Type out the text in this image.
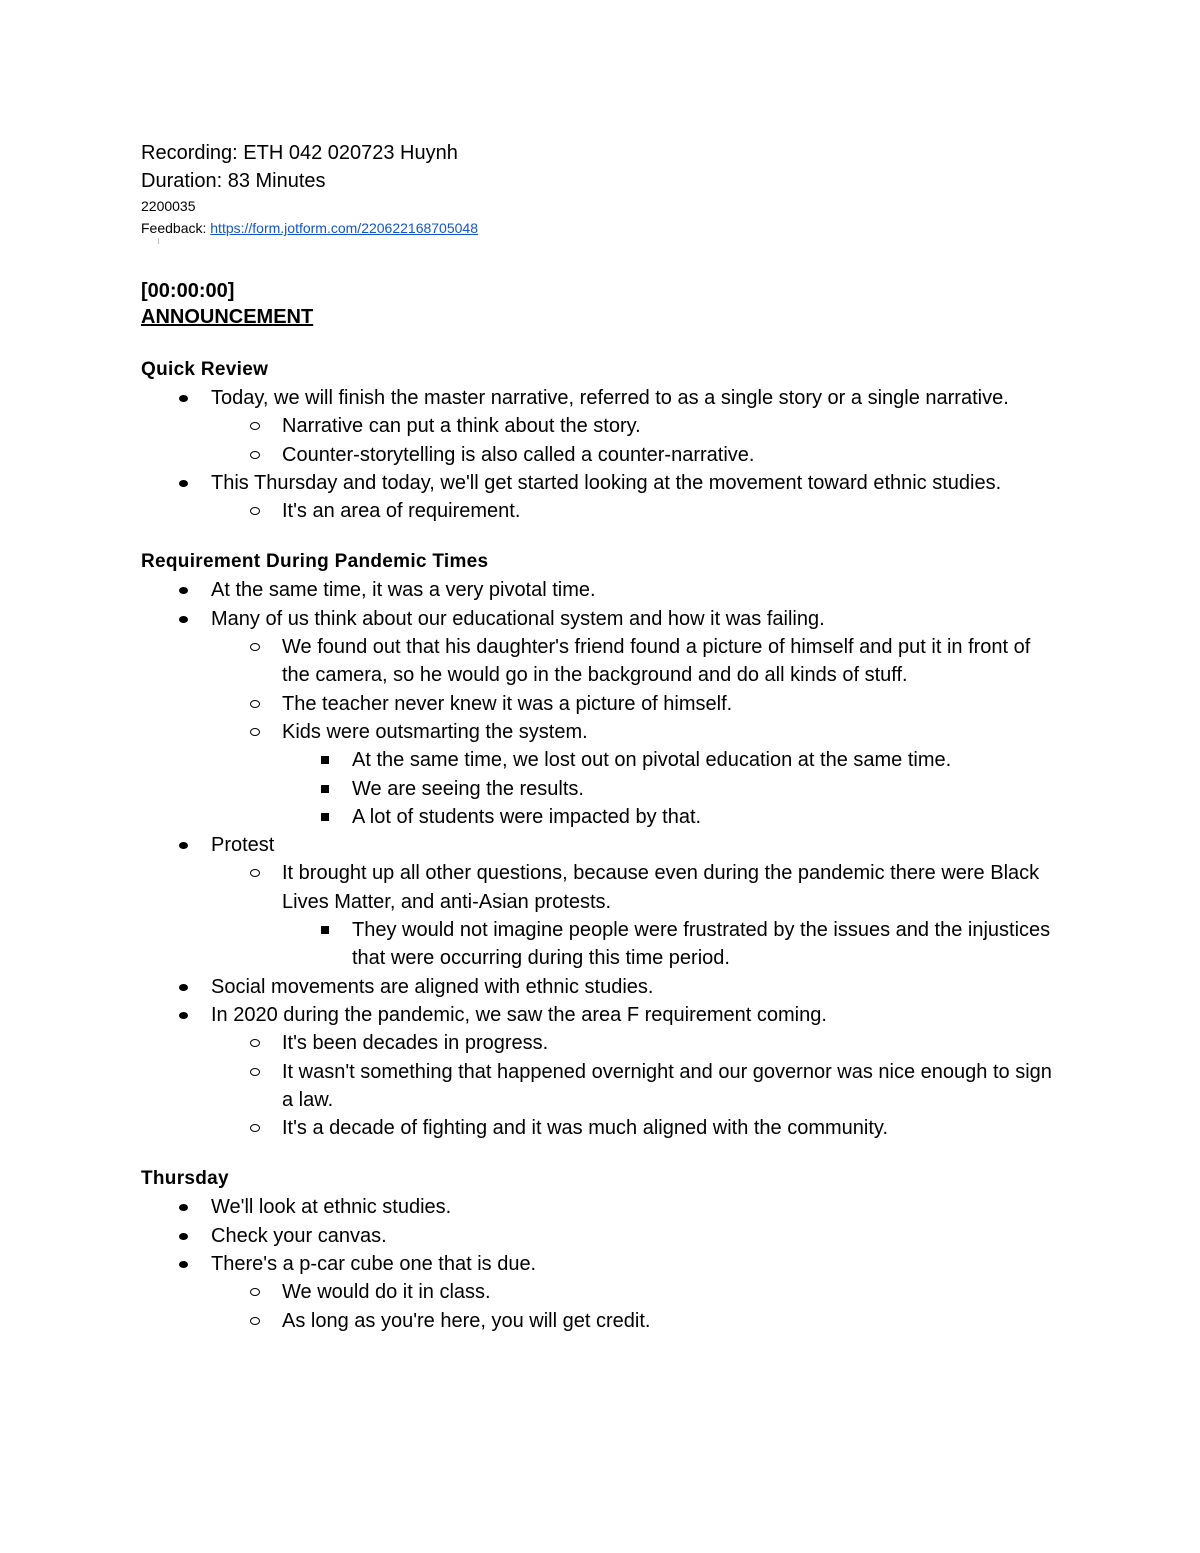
Recording: ETH 042 020723 Huynh

Duration: 83 Minutes

2200035

Feedback: https://form.jotform.com/220622168705048

[00:00:00]
ANNOUNCEMENT

Quick Review

Today, we will finish the master narrative, referred to as a single story or a single narrative.
Narrative can put a think about the story.
Counter-storytelling is also called a counter-narrative.
This Thursday and today, we'll get started looking at the movement toward ethnic studies.
It's an area of requirement.

Requirement During Pandemic Times

At the same time, it was a very pivotal time.
Many of us think about our educational system and how it was failing.
We found out that his daughter's friend found a picture of himself and put it in front of the camera, so he would go in the background and do all kinds of stuff.
The teacher never knew it was a picture of himself.
Kids were outsmarting the system.
At the same time, we lost out on pivotal education at the same time.
We are seeing the results.
A lot of students were impacted by that.
Protest
It brought up all other questions, because even during the pandemic there were Black Lives Matter, and anti-Asian protests.
They would not imagine people were frustrated by the issues and the injustices that were occurring during this time period.
Social movements are aligned with ethnic studies.
In 2020 during the pandemic, we saw the area F requirement coming.
It's been decades in progress.
It wasn't something that happened overnight and our governor was nice enough to sign a law.
It's a decade of fighting and it was much aligned with the community.

Thursday

We'll look at ethnic studies.
Check your canvas.
There's a p-car cube one that is due.
We would do it in class.
As long as you're here, you will get credit.
